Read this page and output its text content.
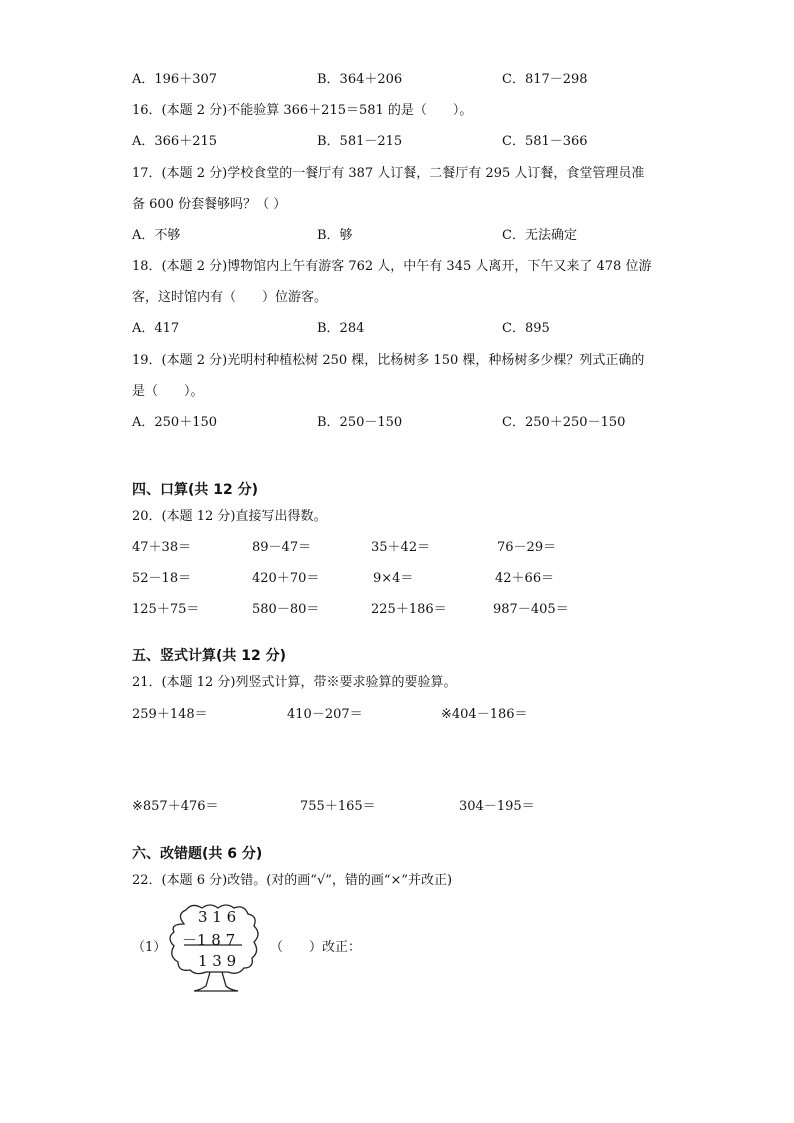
A．196＋307	B．364＋206	C．817－298
16．(本题 2 分)不能验算 366＋215＝581 的是（　　）。
A．366＋215	B．581－215	C．581－366
17．(本题 2 分)学校食堂的一餐厅有 387 人订餐，二餐厅有 295 人订餐，食堂管理员准
备 600 份套餐够吗？（ ）
A．不够	B．够	C．无法确定
18．(本题 2 分)博物馆内上午有游客 762 人，中午有 345 人离开，下午又来了 478 位游
客，这时馆内有（　　）位游客。
A．417	B．284	C．895
19．(本题 2 分)光明村种植松树 250 棵，比杨树多 150 棵，种杨树多少棵？列式正确的
是（　　）。
A．250＋150	B．250－150	C．250＋250－150
四、口算(共 12 分)
20．(本题 12 分)直接写出得数。
47＋38＝	89－47＝	35＋42＝	76－29＝
52－18＝	420＋70＝	9×4＝	42＋66＝
125＋75＝	580－80＝	225＋186＝	987－405＝
五、竖式计算(共 12 分)
21．(本题 12 分)列竖式计算，带※要求验算的要验算。
259＋148＝	410－207＝	※404－186＝
※857＋476＝	755＋165＝	304－195＝
六、改错题(共 6 分)
22．(本题 6 分)改错。(对的画“√”，错的画“×”并改正)
（1）
3 1 6
－1 8 7
1 3 9
（　　）改正：
